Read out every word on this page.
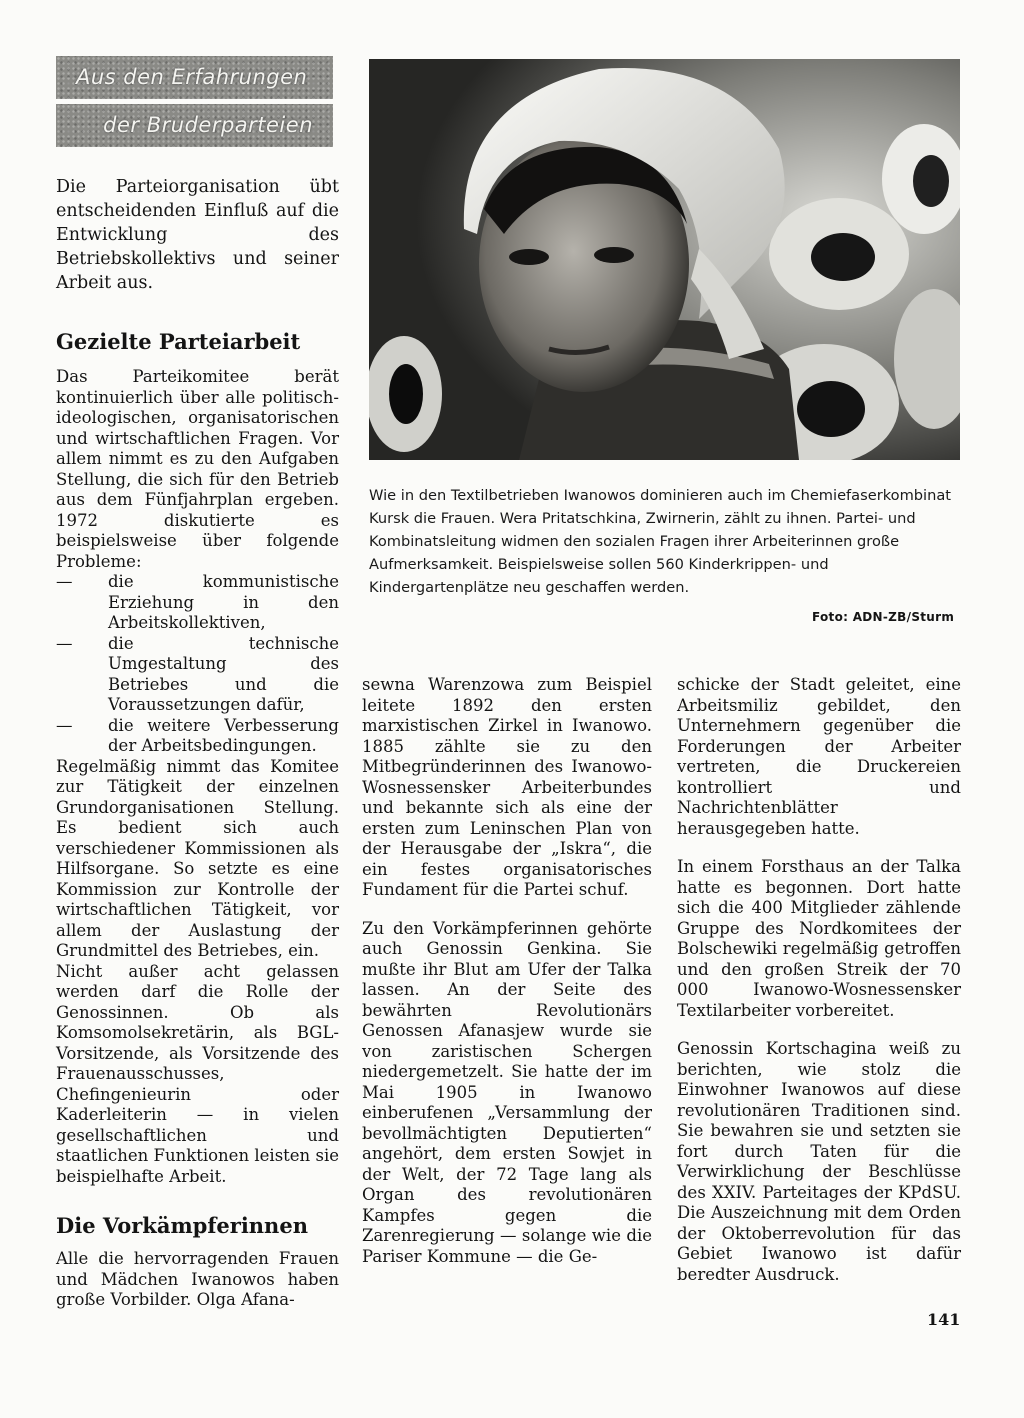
Aus den Erfahrungen
der Bruderparteien

Die Parteiorganisation übt entscheidenden Einfluß auf die Entwicklung des Betriebskollektivs und seiner Arbeit aus.

Gezielte Parteiarbeit

Das Parteikomitee berät kontinuierlich über alle politisch-ideologischen, organisatorischen und wirtschaftlichen Fragen. Vor allem nimmt es zu den Aufgaben Stellung, die sich für den Betrieb aus dem Fünfjahrplan ergeben. 1972 diskutierte es beispielsweise über folgende Probleme:

—	die kommunistische Erziehung in den Arbeitskollektiven,
—	die technische Umgestaltung des Betriebes und die Voraussetzungen dafür,
—	die weitere Verbesserung der Arbeitsbedingungen.

Regelmäßig nimmt das Komitee zur Tätigkeit der einzelnen Grundorganisationen Stellung. Es bedient sich auch verschiedener Kommissionen als Hilfsorgane. So setzte es eine Kommission zur Kontrolle der wirtschaftlichen Tätigkeit, vor allem der Auslastung der Grundmittel des Betriebes, ein.

Nicht außer acht gelassen werden darf die Rolle der Genossinnen. Ob als Komsomolsekretärin, als BGL-Vorsitzende, als Vorsitzende des Frauenausschusses, Chefingenieurin oder Kaderleiterin — in vielen gesellschaftlichen und staatlichen Funktionen leisten sie beispielhafte Arbeit.

Die Vorkämpferinnen

Alle die hervorragenden Frauen und Mädchen Iwanowos haben große Vorbilder. Olga Afana-

Wie in den Textilbetrieben Iwanowos dominieren auch im Chemiefaserkombinat Kursk die Frauen. Wera Pritatschkina, Zwirnerin, zählt zu ihnen. Partei- und Kombinatsleitung widmen den sozialen Fragen ihrer Arbeiterinnen große Aufmerksamkeit. Beispielsweise sollen 560 Kinderkrippen- und Kindergartenplätze neu geschaffen werden.
Foto: ADN-ZB/Sturm

sewna Warenzowa zum Beispiel leitete 1892 den ersten marxistischen Zirkel in Iwanowo. 1885 zählte sie zu den Mitbegründerinnen des Iwanowo-Wosnessensker Arbeiterbundes und bekannte sich als eine der ersten zum Leninschen Plan von der Herausgabe der „Iskra“, die ein festes organisatorisches Fundament für die Partei schuf.

Zu den Vorkämpferinnen gehörte auch Genossin Genkina. Sie mußte ihr Blut am Ufer der Talka lassen. An der Seite des bewährten Revolutionärs Genossen Afanasjew wurde sie von zaristischen Schergen niedergemetzelt. Sie hatte der im Mai 1905 in Iwanowo einberufenen „Versammlung der bevollmächtigten Deputierten“ angehört, dem ersten Sowjet in der Welt, der 72 Tage lang als Organ des revolutionären Kampfes gegen die Zarenregierung — solange wie die Pariser Kommune — die Ge-

schicke der Stadt geleitet, eine Arbeitsmiliz gebildet, den Unternehmern gegenüber die Forderungen der Arbeiter vertreten, die Druckereien kontrolliert und Nachrichtenblätter herausgegeben hatte.

In einem Forsthaus an der Talka hatte es begonnen. Dort hatte sich die 400 Mitglieder zählende Gruppe des Nordkomitees der Bolschewiki regelmäßig getroffen und den großen Streik der 70 000 Iwanowo-Wosnessensker Textilarbeiter vorbereitet.

Genossin Kortschagina weiß zu berichten, wie stolz die Einwohner Iwanowos auf diese revolutionären Traditionen sind. Sie bewahren sie und setzten sie fort durch Taten für die Verwirklichung der Beschlüsse des XXIV. Parteitages der KPdSU. Die Auszeichnung mit dem Orden der Oktoberrevolution für das Gebiet Iwanowo ist dafür beredter Ausdruck.

141
